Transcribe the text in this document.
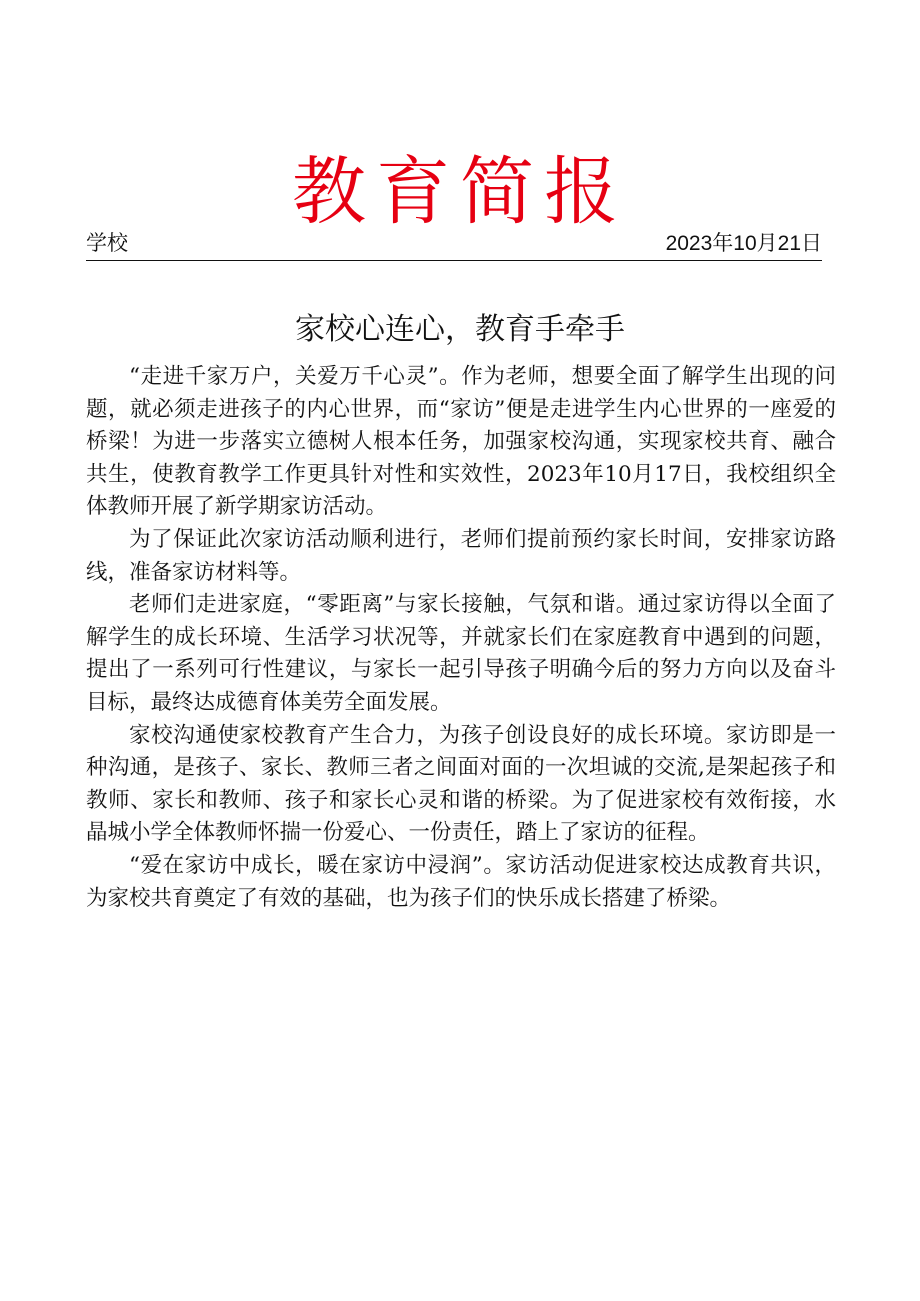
教育简报
学校	2023年10月21日
家校心连心，教育手牵手

“走进千家万户，关爱万千心灵”。作为老师，想要全面了解学生出现的问题，就必须走进孩子的内心世界，而“家访”便是走进学生内心世界的一座爱的桥梁！为进一步落实立德树人根本任务，加强家校沟通，实现家校共育、融合共生，使教育教学工作更具针对性和实效性，2023年10月17日，我校组织全体教师开展了新学期家访活动。

为了保证此次家访活动顺利进行，老师们提前预约家长时间，安排家访路线，准备家访材料等。

老师们走进家庭，“零距离”与家长接触，气氛和谐。通过家访得以全面了解学生的成长环境、生活学习状况等，并就家长们在家庭教育中遇到的问题，提出了一系列可行性建议，与家长一起引导孩子明确今后的努力方向以及奋斗目标，最终达成德育体美劳全面发展。

家校沟通使家校教育产生合力，为孩子创设良好的成长环境。家访即是一种沟通，是孩子、家长、教师三者之间面对面的一次坦诚的交流,是架起孩子和教师、家长和教师、孩子和家长心灵和谐的桥梁。为了促进家校有效衔接，水晶城小学全体教师怀揣一份爱心、一份责任，踏上了家访的征程。

“爱在家访中成长，暖在家访中浸润”。家访活动促进家校达成教育共识，为家校共育奠定了有效的基础，也为孩子们的快乐成长搭建了桥梁。
